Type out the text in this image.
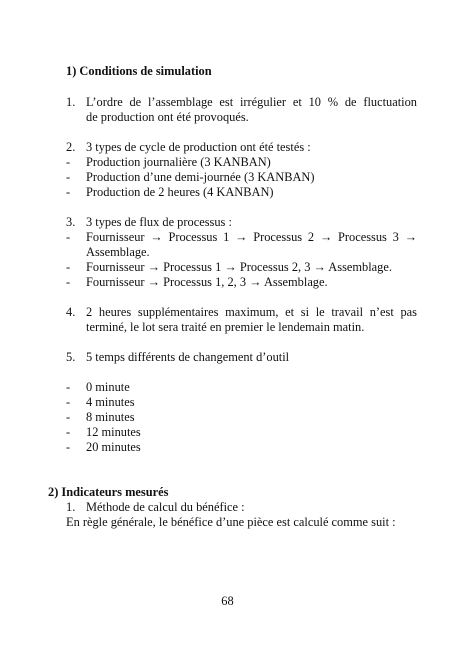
1) Conditions de simulation
1. L’ordre de l’assemblage est irrégulier et 10 % de fluctuation
de production ont été provoqués.
2. 3 types de cycle de production ont été testés :
- Production journalière (3 KANBAN)
- Production d’une demi-journée (3 KANBAN)
- Production de 2 heures (4 KANBAN)
3. 3 types de flux de processus :
- Fournisseur → Processus 1 → Processus 2 → Processus 3 →
Assemblage.
- Fournisseur → Processus 1 → Processus 2, 3 → Assemblage.
- Fournisseur → Processus 1, 2, 3 → Assemblage.
4. 2 heures supplémentaires maximum, et si le travail n’est pas
terminé, le lot sera traité en premier le lendemain matin.
5. 5 temps différents de changement d’outil
- 0 minute
- 4 minutes
- 8 minutes
- 12 minutes
- 20 minutes
2) Indicateurs mesurés
1. Méthode de calcul du bénéfice :
En règle générale, le bénéfice d’une pièce est calculé comme suit :
68
